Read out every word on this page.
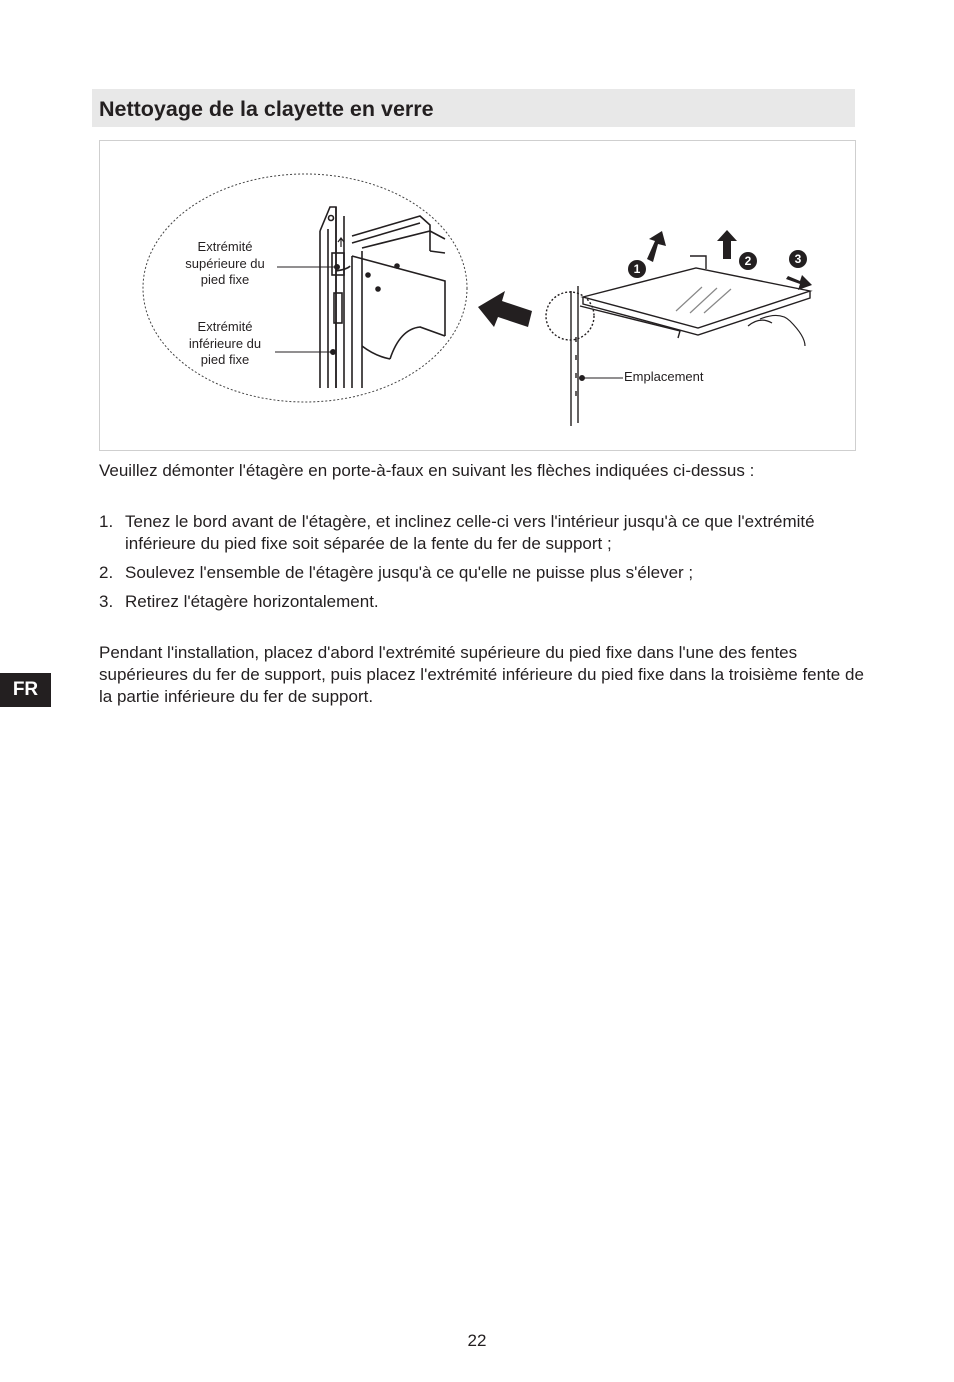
Nettoyage de la clayette en verre
Extrémité
supérieure du
pied fixe
Extrémité
inférieure du
pied fixe
Emplacement
1
2	3

Veuillez démonter l'étagère en porte-à-faux en suivant les flèches indiquées ci-dessus :

1. Tenez le bord avant de l'étagère, et inclinez celle-ci vers l'intérieur jusqu'à ce que l'extrémité inférieure du pied fixe soit séparée de la fente du fer de support ;
2. Soulevez l'ensemble de l'étagère jusqu'à ce qu'elle ne puisse plus s'élever ;
3. Retirez l'étagère horizontalement.

Pendant l'installation, placez d'abord l'extrémité supérieure du pied fixe dans l'une des fentes supérieures du fer de support, puis placez l'extrémité inférieure du pied fixe dans la troisième fente de la partie inférieure du fer de support.

FR
22
